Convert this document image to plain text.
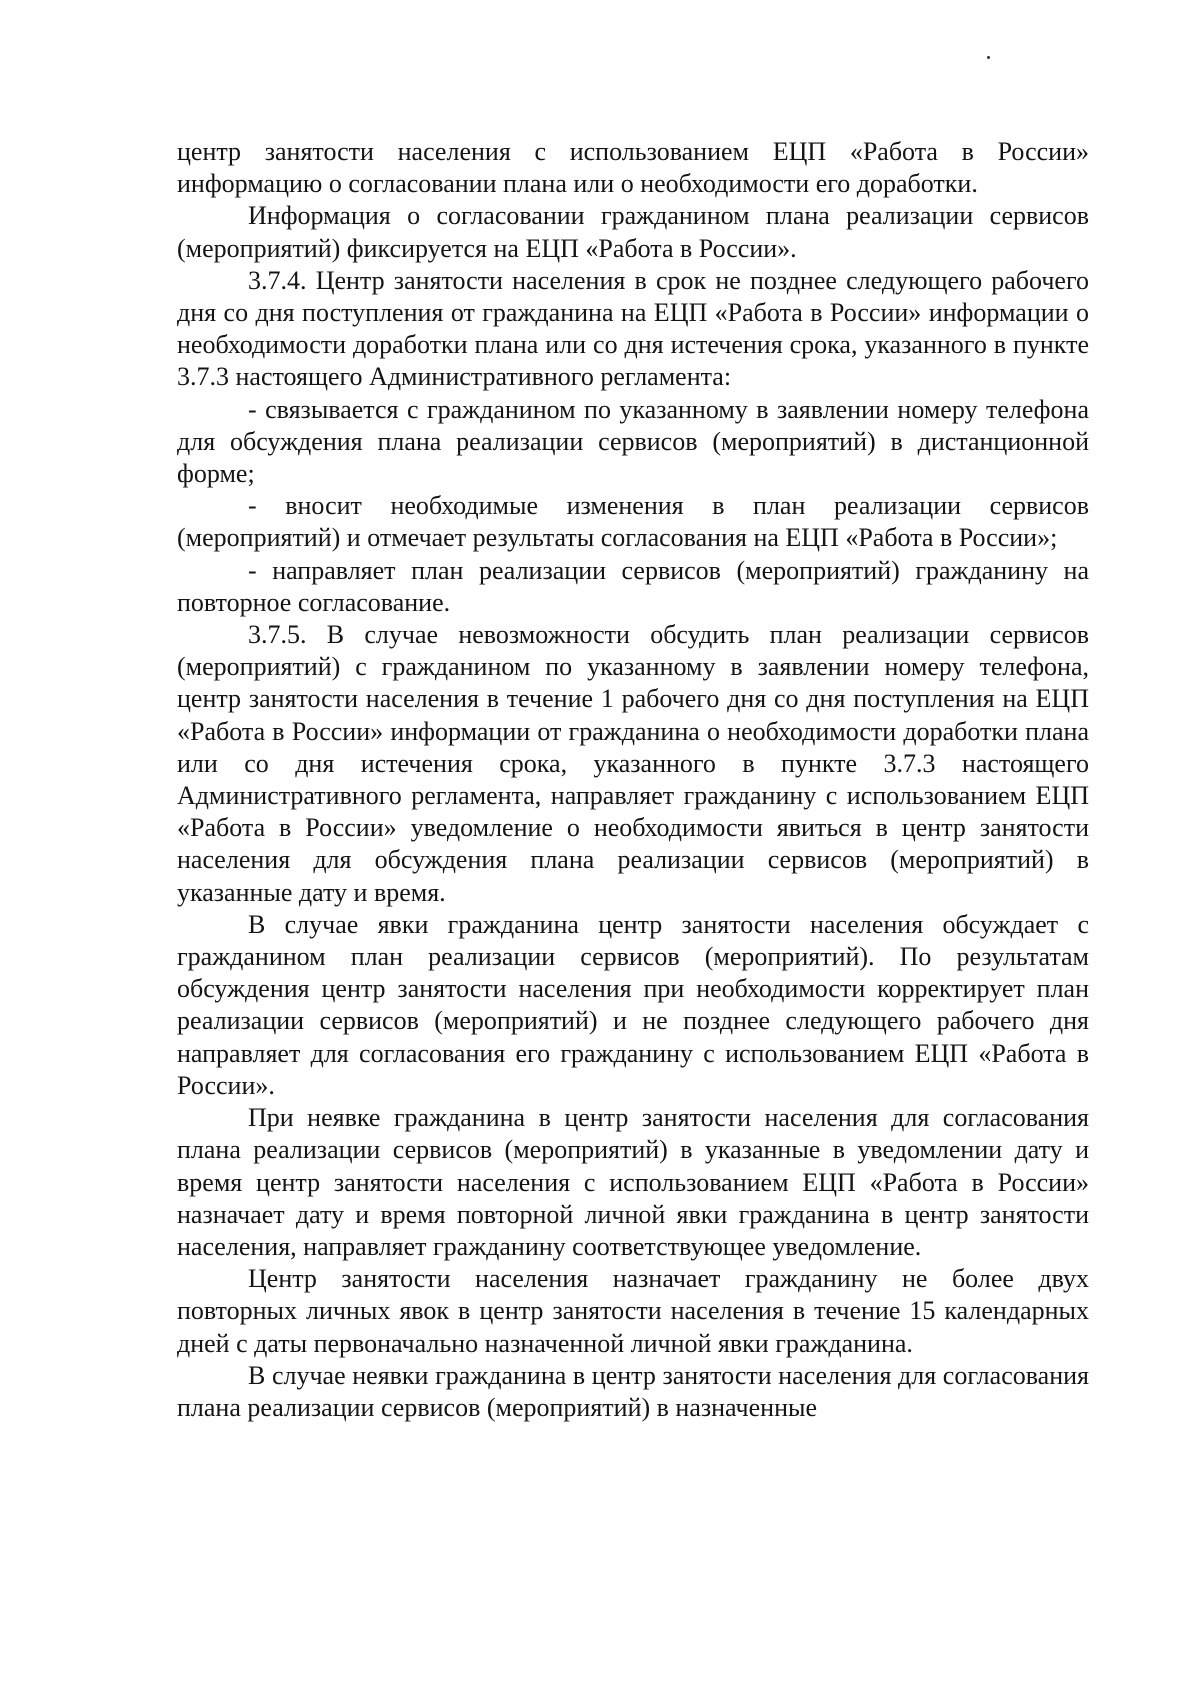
центр занятости населения с использованием ЕЦП «Работа в России» информацию о согласовании плана или о необходимости его доработки.

Информация о согласовании гражданином плана реализации сервисов (мероприятий) фиксируется на ЕЦП «Работа в России».

3.7.4. Центр занятости населения в срок не позднее следующего рабочего дня со дня поступления от гражданина на ЕЦП «Работа в России» информации о необходимости доработки плана или со дня истечения срока, указанного в пункте 3.7.3 настоящего Административного регламента:

- связывается с гражданином по указанному в заявлении номеру телефона для обсуждения плана реализации сервисов (мероприятий) в дистанционной форме;

- вносит необходимые изменения в план реализации сервисов (мероприятий) и отмечает результаты согласования на ЕЦП «Работа в России»;

- направляет план реализации сервисов (мероприятий) гражданину на повторное согласование.

3.7.5. В случае невозможности обсудить план реализации сервисов (мероприятий) с гражданином по указанному в заявлении номеру телефона, центр занятости населения в течение 1 рабочего дня со дня поступления на ЕЦП «Работа в России» информации от гражданина о необходимости доработки плана или со дня истечения срока, указанного в пункте 3.7.3 настоящего Административного регламента, направляет гражданину с использованием ЕЦП «Работа в России» уведомление о необходимости явиться в центр занятости населения для обсуждения плана реализации сервисов (мероприятий) в указанные дату и время.

В случае явки гражданина центр занятости населения обсуждает с гражданином план реализации сервисов (мероприятий). По результатам обсуждения центр занятости населения при необходимости корректирует план реализации сервисов (мероприятий) и не позднее следующего рабочего дня направляет для согласования его гражданину с использованием ЕЦП «Работа в России».

При неявке гражданина в центр занятости населения для согласования плана реализации сервисов (мероприятий) в указанные в уведомлении дату и время центр занятости населения с использованием ЕЦП «Работа в России» назначает дату и время повторной личной явки гражданина в центр занятости населения, направляет гражданину соответствующее уведомление.

Центр занятости населения назначает гражданину не более двух повторных личных явок в центр занятости населения в течение 15 календарных дней с даты первоначально назначенной личной явки гражданина.

В случае неявки гражданина в центр занятости населения для согласования плана реализации сервисов (мероприятий) в назначенные
